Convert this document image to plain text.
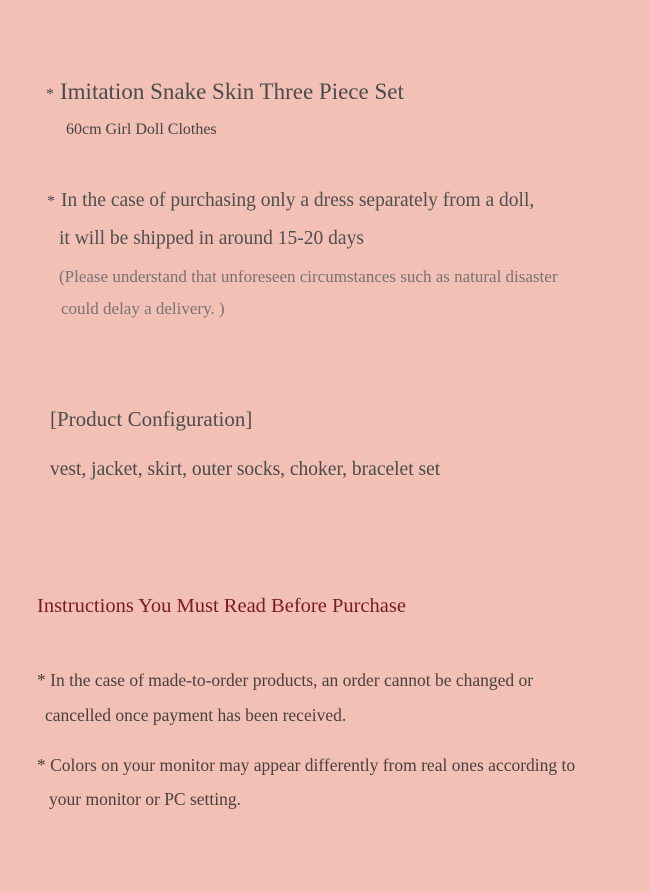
* Imitation Snake Skin Three Piece Set
60cm Girl Doll Clothes
* In the case of purchasing only a dress separately from a doll,
it will be shipped in around 15-20 days
(Please understand that unforeseen circumstances such as natural disaster
could delay a delivery. )
[Product Configuration]
vest, jacket, skirt, outer socks, choker, bracelet set
Instructions You Must Read Before Purchase
* In the case of made-to-order products, an order cannot be changed or
cancelled once payment has been received.
* Colors on your monitor may appear differently from real ones according to
your monitor or PC setting.
